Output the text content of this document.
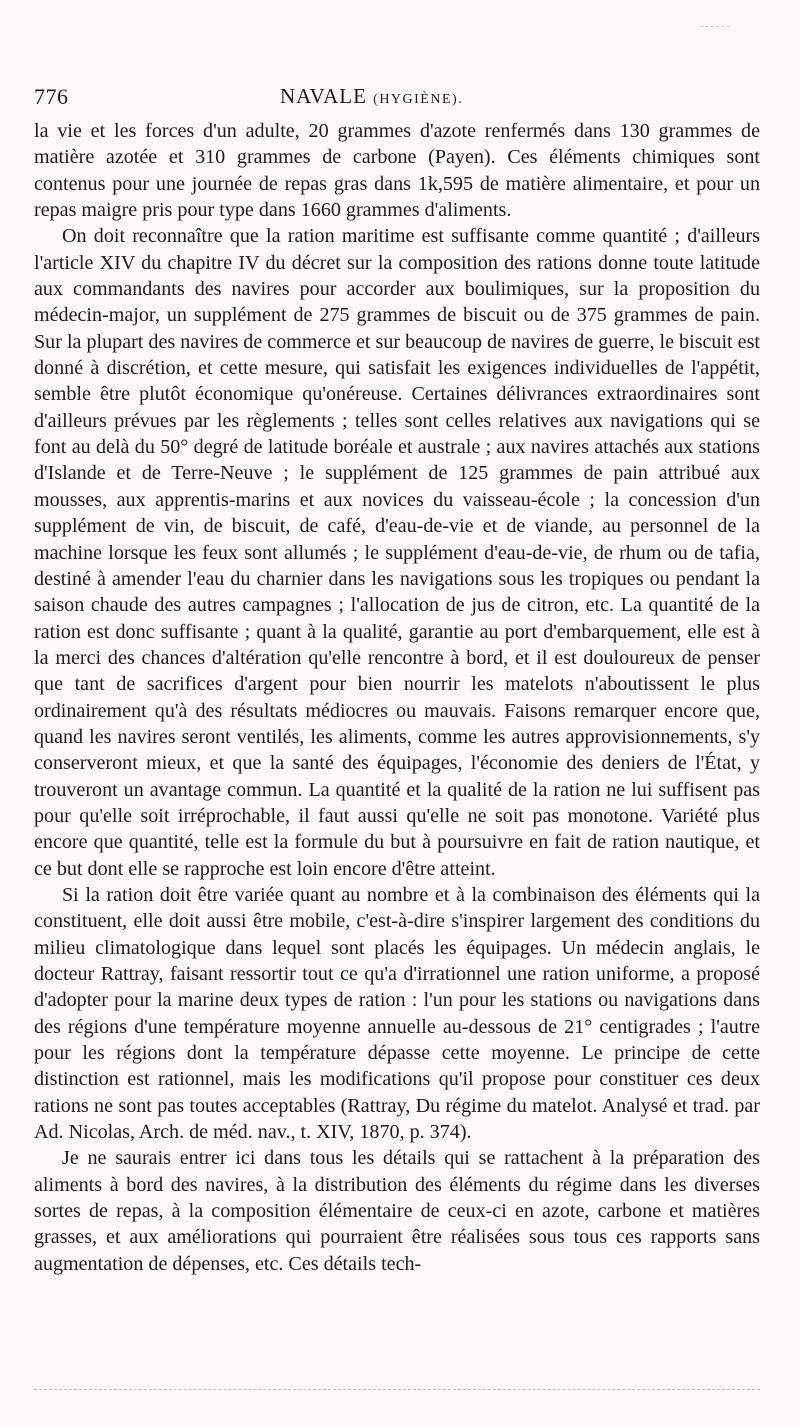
776	NAVALE (HYGIÈNE).

la vie et les forces d'un adulte, 20 grammes d'azote renfermés dans 130 grammes de matière azotée et 310 grammes de carbone (Payen). Ces éléments chimiques sont contenus pour une journée de repas gras dans 1k,595 de matière alimentaire, et pour un repas maigre pris pour type dans 1660 grammes d'aliments.

On doit reconnaître que la ration maritime est suffisante comme quantité ; d'ailleurs l'article XIV du chapitre IV du décret sur la composition des rations donne toute latitude aux commandants des navires pour accorder aux boulimiques, sur la proposition du médecin-major, un supplément de 275 grammes de biscuit ou de 375 grammes de pain. Sur la plupart des navires de commerce et sur beaucoup de navires de guerre, le biscuit est donné à discrétion, et cette mesure, qui satisfait les exigences individuelles de l'appétit, semble être plutôt économique qu'onéreuse. Certaines délivrances extraordinaires sont d'ailleurs prévues par les règlements ; telles sont celles relatives aux navigations qui se font au delà du 50° degré de latitude boréale et australe ; aux navires attachés aux stations d'Islande et de Terre-Neuve ; le supplément de 125 grammes de pain attribué aux mousses, aux apprentis-marins et aux novices du vaisseau-école ; la concession d'un supplément de vin, de biscuit, de café, d'eau-de-vie et de viande, au personnel de la machine lorsque les feux sont allumés ; le supplément d'eau-de-vie, de rhum ou de tafia, destiné à amender l'eau du charnier dans les navigations sous les tropiques ou pendant la saison chaude des autres campagnes ; l'allocation de jus de citron, etc. La quantité de la ration est donc suffisante ; quant à la qualité, garantie au port d'embarquement, elle est à la merci des chances d'altération qu'elle rencontre à bord, et il est douloureux de penser que tant de sacrifices d'argent pour bien nourrir les matelots n'aboutissent le plus ordinairement qu'à des résultats médiocres ou mauvais. Faisons remarquer encore que, quand les navires seront ventilés, les aliments, comme les autres approvisionnements, s'y conserveront mieux, et que la santé des équipages, l'économie des deniers de l'État, y trouveront un avantage commun. La quantité et la qualité de la ration ne lui suffisent pas pour qu'elle soit irréprochable, il faut aussi qu'elle ne soit pas monotone. Variété plus encore que quantité, telle est la formule du but à poursuivre en fait de ration nautique, et ce but dont elle se rapproche est loin encore d'être atteint.

Si la ration doit être variée quant au nombre et à la combinaison des éléments qui la constituent, elle doit aussi être mobile, c'est-à-dire s'inspirer largement des conditions du milieu climatologique dans lequel sont placés les équipages. Un médecin anglais, le docteur Rattray, faisant ressortir tout ce qu'a d'irrationnel une ration uniforme, a proposé d'adopter pour la marine deux types de ration : l'un pour les stations ou navigations dans des régions d'une température moyenne annuelle au-dessous de 21° centigrades ; l'autre pour les régions dont la température dépasse cette moyenne. Le principe de cette distinction est rationnel, mais les modifications qu'il propose pour constituer ces deux rations ne sont pas toutes acceptables (Rattray, Du régime du matelot. Analysé et trad. par Ad. Nicolas, Arch. de méd. nav., t. XIV, 1870, p. 374).

Je ne saurais entrer ici dans tous les détails qui se rattachent à la préparation des aliments à bord des navires, à la distribution des éléments du régime dans les diverses sortes de repas, à la composition élémentaire de ceux-ci en azote, carbone et matières grasses, et aux améliorations qui pourraient être réalisées sous tous ces rapports sans augmentation de dépenses, etc. Ces détails tech-
